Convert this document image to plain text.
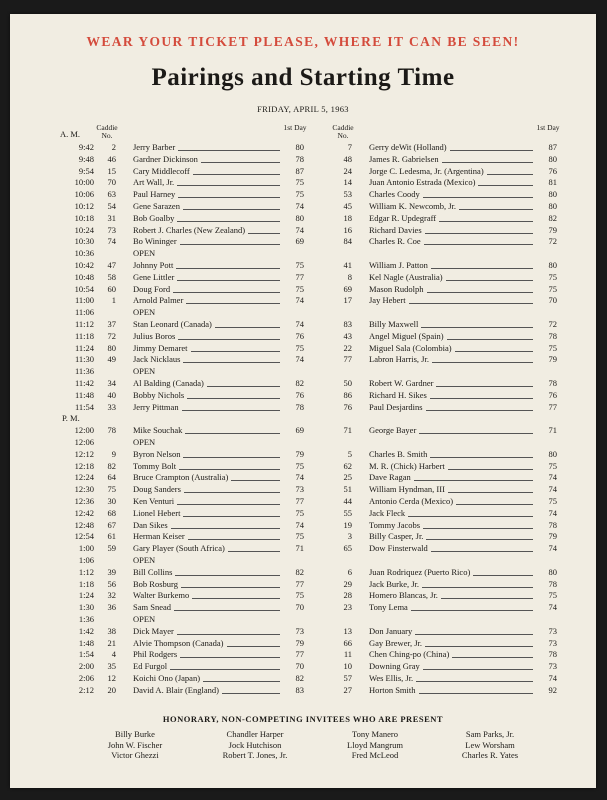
WEAR YOUR TICKET PLEASE, WHERE IT CAN BE SEEN!
Pairings and Starting Time
FRIDAY, APRIL 5, 1963
A. M.
Caddie No.
1st Day	Caddie No.
1st Day
9:42	2 Jerry Barber	80	7 Gerry deWit (Holland)	87
9:48	46 Gardner Dickinson	78	48 James R. Gabrielsen	80
9:54	15 Cary Middlecoff	87	24 Jorge C. Ledesma, Jr. (Argentina)	76
10:00	70 Art Wall, Jr.	75	14 Juan Antonio Estrada (Mexico)	81
10:06	63 Paul Harney	75	53 Charles Coody	80
10:12	54 Gene Sarazen	74	45 William K. Newcomb, Jr.	80
10:18	31 Bob Goalby	80	18 Edgar R. Updegraff	82
10:24	73 Robert J. Charles (New Zealand)	74	16 Richard Davies	79
10:30	74 Bo Wininger	69	84 Charles R. Coe	72
10:36	OPEN
10:42	47 Johnny Pott	75	41 William J. Patton	80
10:48	58 Gene Littler	77	8 Kel Nagle (Australia)	75
10:54	60 Doug Ford	75	69 Mason Rudolph	75
11:00	1 Arnold Palmer	74	17 Jay Hebert	70
11:06	OPEN
11:12	37 Stan Leonard (Canada)	74	83 Billy Maxwell	72
11:18	72 Julius Boros	76	43 Angel Miguel (Spain)	78
11:24	80 Jimmy Demaret	75	22 Miguel Sala (Colombia)	75
11:30	49 Jack Nicklaus	74	77 Labron Harris, Jr.	79
11:36	OPEN
11:42	34 Al Balding (Canada)	82	50 Robert W. Gardner	78
11:48	40 Bobby Nichols	76	86 Richard H. Sikes	76
11:54	33 Jerry Pittman	78	76 Paul Desjardins	77
P. M.
12:00	78 Mike Souchak	69	71 George Bayer	71
12:06	OPEN
12:12	9 Byron Nelson	79	5 Charles B. Smith	80
12:18	82 Tommy Bolt	75	62 M. R. (Chick) Harbert	75
12:24	64 Bruce Crampton (Australia)	74	25 Dave Ragan	74
12:30	75 Doug Sanders	73	51 William Hyndman, III	74
12:36	30 Ken Venturi	77	44 Antonio Cerda (Mexico)	75
12:42	68 Lionel Hebert	75	55 Jack Fleck	74
12:48	67 Dan Sikes	74	19 Tommy Jacobs	78
12:54	61 Herman Keiser	75	3 Billy Casper, Jr.	79
1:00	59 Gary Player (South Africa)	71	65 Dow Finsterwald	74
1:06	OPEN
1:12	39 Bill Collins	82	6 Juan Rodriquez (Puerto Rico)	80
1:18	56 Bob Rosburg	77	29 Jack Burke, Jr.	78
1:24	32 Walter Burkemo	75	28 Homero Blancas, Jr.	75
1:30	36 Sam Snead	70	23 Tony Lema	74
1:36	OPEN
1:42	38 Dick Mayer	73	13 Don January	73
1:48	21 Alvie Thompson (Canada)	79	66 Gay Brewer, Jr.	73
1:54	4 Phil Rodgers	77	11 Chen Ching-po (China)	78
2:00	35 Ed Furgol	70	10 Downing Gray	73
2:06	12 Koichi Ono (Japan)	82	57 Wes Ellis, Jr.	74
2:12	20 David A. Blair (England)	83	27 Horton Smith	92
HONORARY, NON-COMPETING INVITEES WHO ARE PRESENT
Billy Burke
John W. Fischer
Victor Ghezzi
Chandler Harper
Jock Hutchison
Robert T. Jones, Jr.
Tony Manero
Lloyd Mangrum
Fred McLeod
Sam Parks, Jr.
Lew Worsham
Charles R. Yates
